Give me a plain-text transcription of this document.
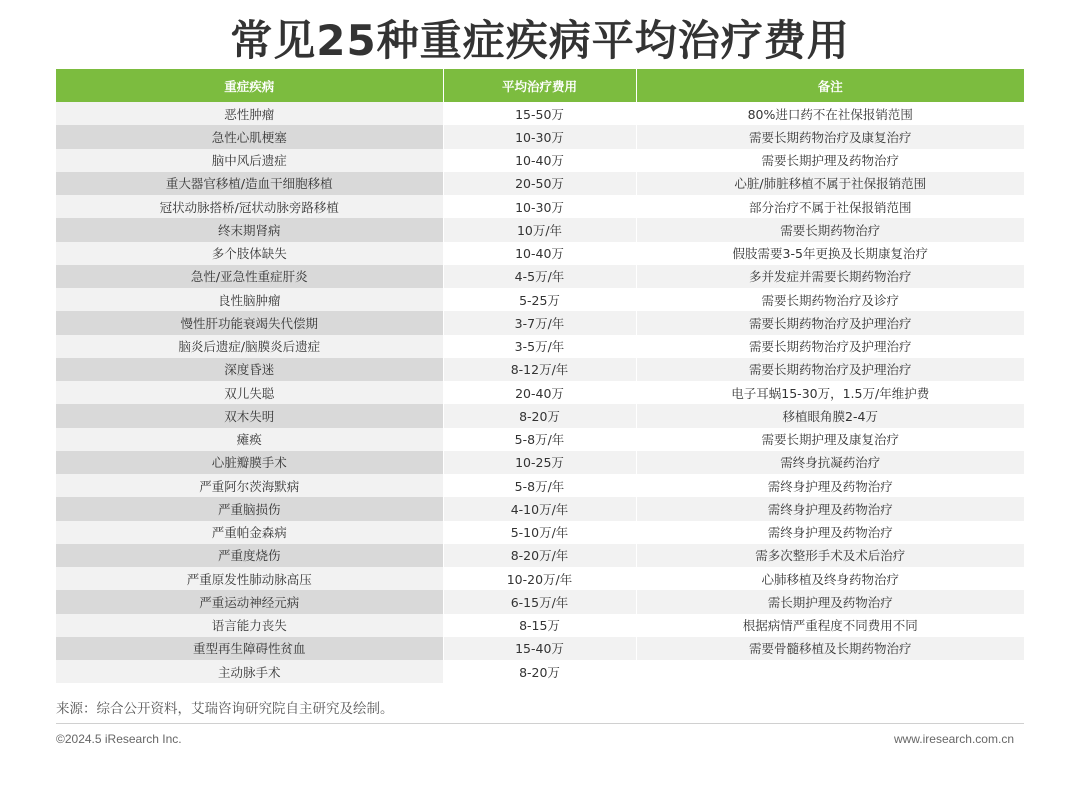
常见25种重症疾病平均治疗费用
重症疾病	平均治疗费用	备注
恶性肿瘤	15-50万	80%进口药不在社保报销范围
急性心肌梗塞	10-30万	需要长期药物治疗及康复治疗
脑中风后遗症	10-40万	需要长期护理及药物治疗
重大器官移植/造血干细胞移植	20-50万	心脏/肺脏移植不属于社保报销范围
冠状动脉搭桥/冠状动脉旁路移植	10-30万	部分治疗不属于社保报销范围
终末期肾病	10万/年	需要长期药物治疗
多个肢体缺失	10-40万	假肢需要3-5年更换及长期康复治疗
急性/亚急性重症肝炎	4-5万/年	多并发症并需要长期药物治疗
良性脑肿瘤	5-25万	需要长期药物治疗及诊疗
慢性肝功能衰竭失代偿期	3-7万/年	需要长期药物治疗及护理治疗
脑炎后遗症/脑膜炎后遗症	3-5万/年	需要长期药物治疗及护理治疗
深度昏迷	8-12万/年	需要长期药物治疗及护理治疗
双儿失聪	20-40万	电子耳蜗15-30万，1.5万/年维护费
双木失明	8-20万	移植眼角膜2-4万
瘫痪	5-8万/年	需要长期护理及康复治疗
心脏瓣膜手术	10-25万	需终身抗凝药治疗
严重阿尔茨海默病	5-8万/年	需终身护理及药物治疗
严重脑损伤	4-10万/年	需终身护理及药物治疗
严重帕金森病	5-10万/年	需终身护理及药物治疗
严重度烧伤	8-20万/年	需多次整形手术及术后治疗
严重原发性肺动脉高压	10-20万/年	心肺移植及终身药物治疗
严重运动神经元病	6-15万/年	需长期护理及药物治疗
语言能力丧失	8-15万	根据病情严重程度不同费用不同
重型再生障碍性贫血	15-40万	需要骨髓移植及长期药物治疗
主动脉手术	8-20万	
来源：综合公开资料，艾瑞咨询研究院自主研究及绘制。
©2024.5 iResearch Inc.	www.iresearch.com.cn
